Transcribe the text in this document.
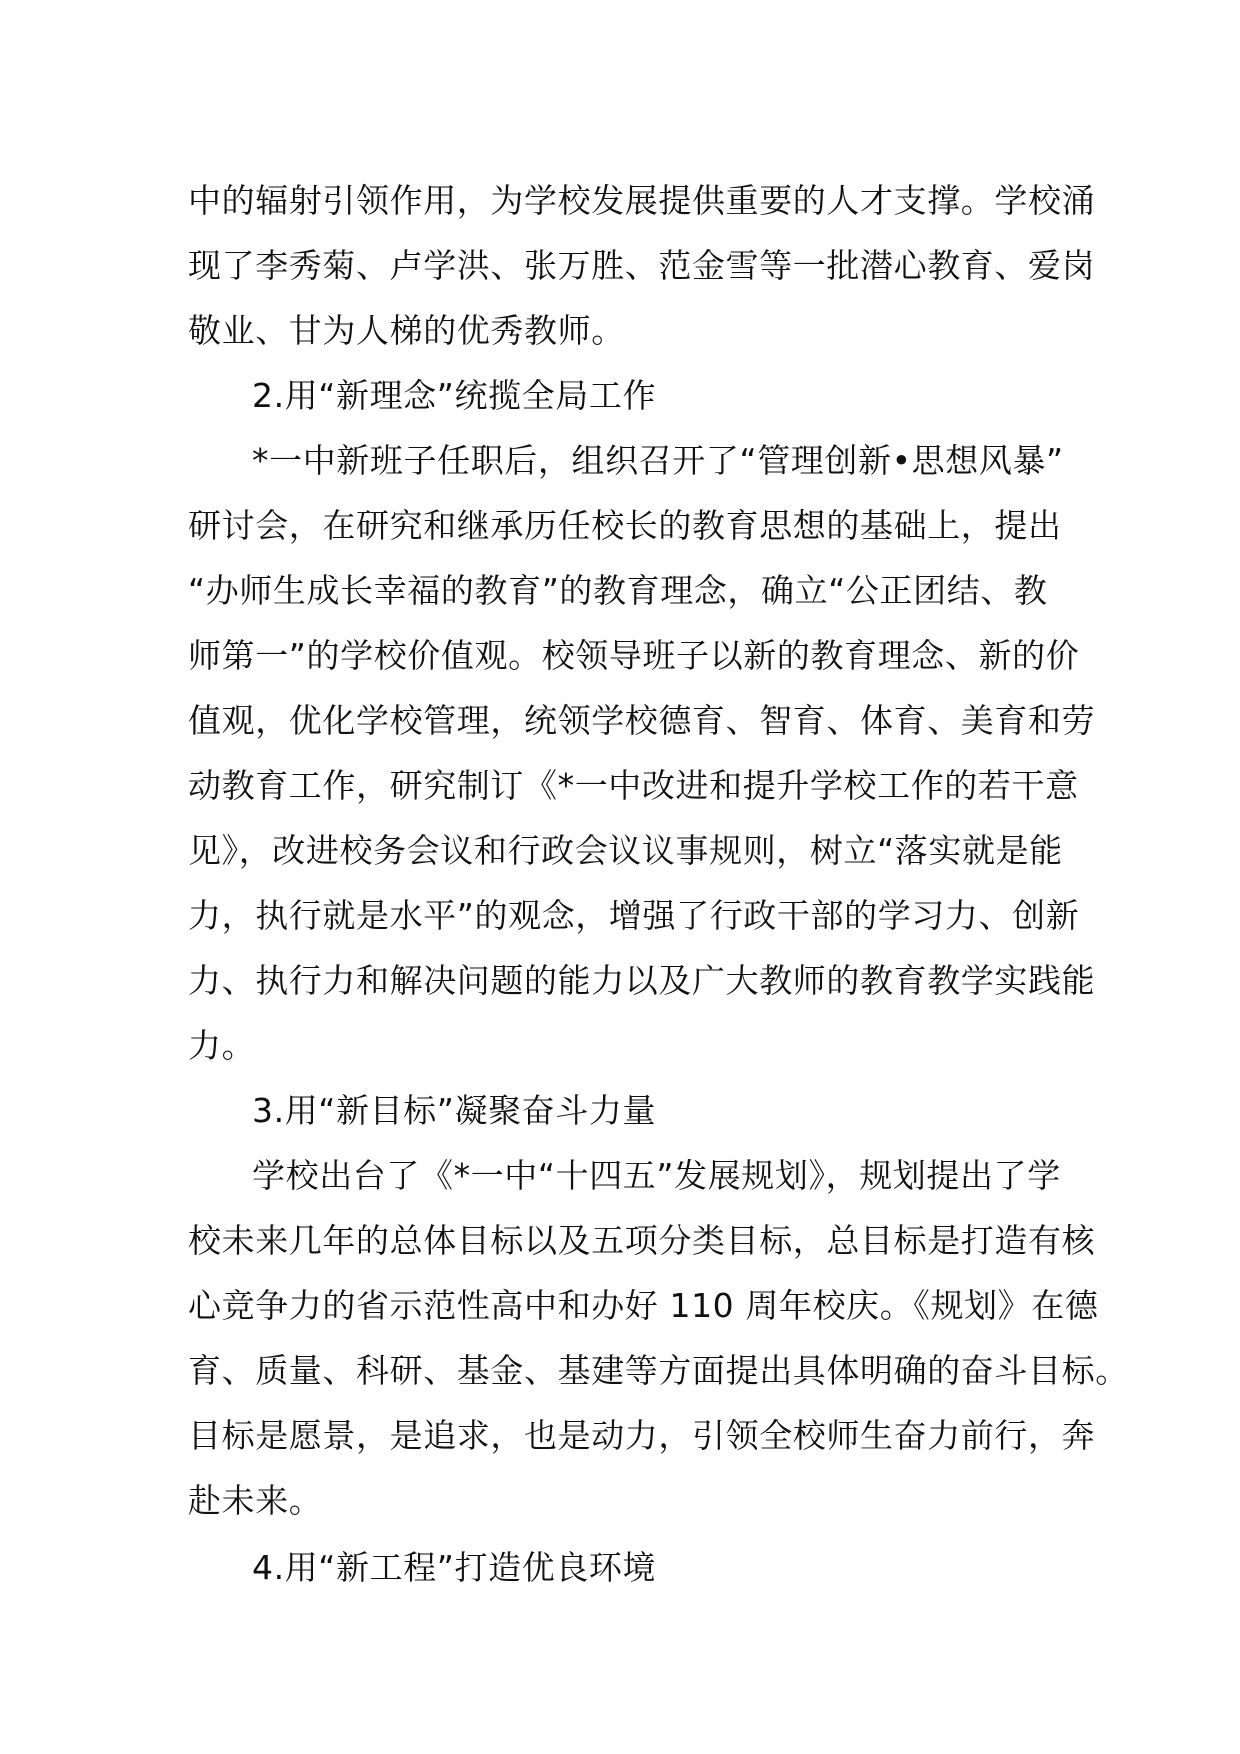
中的辐射引领作用，为学校发展提供重要的人才支撑。学校涌
现了李秀菊、卢学洪、张万胜、范金雪等一批潜心教育、爱岗
敬业、甘为人梯的优秀教师。
2.用“新理念”统揽全局工作
*一中新班子任职后，组织召开了“管理创新•思想风暴”
研讨会，在研究和继承历任校长的教育思想的基础上，提出
“办师生成长幸福的教育”的教育理念，确立“公正团结、教
师第一”的学校价值观。校领导班子以新的教育理念、新的价
值观，优化学校管理，统领学校德育、智育、体育、美育和劳
动教育工作，研究制订《*一中改进和提升学校工作的若干意
见》，改进校务会议和行政会议议事规则，树立“落实就是能
力，执行就是水平”的观念，增强了行政干部的学习力、创新
力、执行力和解决问题的能力以及广大教师的教育教学实践能
力。
3.用“新目标”凝聚奋斗力量
学校出台了《*一中“十四五”发展规划》，规划提出了学
校未来几年的总体目标以及五项分类目标，总目标是打造有核
心竞争力的省示范性高中和办好 110 周年校庆。《规划》在德
育、质量、科研、基金、基建等方面提出具体明确的奋斗目标。
目标是愿景，是追求，也是动力，引领全校师生奋力前行，奔
赴未来。
4.用“新工程”打造优良环境
